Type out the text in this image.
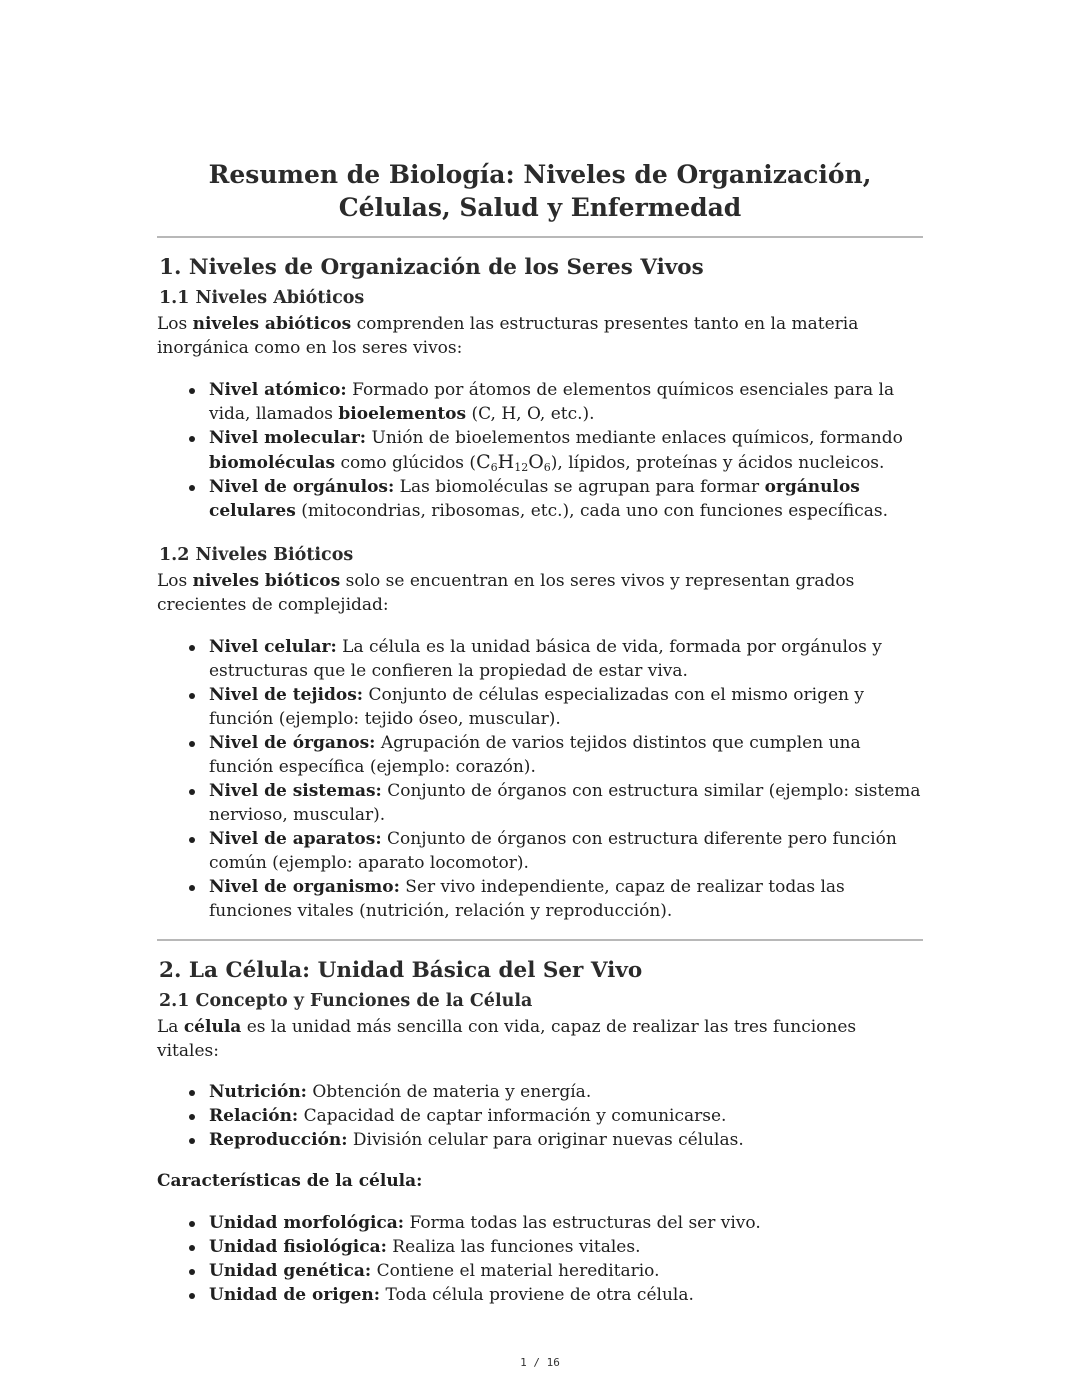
Resumen de Biología: Niveles de Organización, Células, Salud y Enfermedad
1. Niveles de Organización de los Seres Vivos
1.1 Niveles Abióticos

Los niveles abióticos comprenden las estructuras presentes tanto en la materia inorgánica como en los seres vivos:

Nivel atómico: Formado por átomos de elementos químicos esenciales para la vida, llamados bioelementos (C, H, O, etc.).
Nivel molecular: Unión de bioelementos mediante enlaces químicos, formando biomoléculas como glúcidos $(C_6H_{12}O_6)$, lípidos, proteínas y ácidos nucleicos.
Nivel de orgánulos: Las biomoléculas se agrupan para formar orgánulos celulares (mitocondrias, ribosomas, etc.), cada uno con funciones específicas.
1.2 Niveles Bióticos

Los niveles bióticos solo se encuentran en los seres vivos y representan grados crecientes de complejidad:

Nivel celular: La célula es la unidad básica de vida, formada por orgánulos y estructuras que le confieren la propiedad de estar viva.
Nivel de tejidos: Conjunto de células especializadas con el mismo origen y función (ejemplo: tejido óseo, muscular).
Nivel de órganos: Agrupación de varios tejidos distintos que cumplen una función específica (ejemplo: corazón).
Nivel de sistemas: Conjunto de órganos con estructura similar (ejemplo: sistema nervioso, muscular).
Nivel de aparatos: Conjunto de órganos con estructura diferente pero función común (ejemplo: aparato locomotor).
Nivel de organismo: Ser vivo independiente, capaz de realizar todas las funciones vitales (nutrición, relación y reproducción).
2. La Célula: Unidad Básica del Ser Vivo
2.1 Concepto y Funciones de la Célula

La célula es la unidad más sencilla con vida, capaz de realizar las tres funciones vitales:

Nutrición: Obtención de materia y energía.
Relación: Capacidad de captar información y comunicarse.
Reproducción: División celular para originar nuevas células.

Características de la célula:

Unidad morfológica: Forma todas las estructuras del ser vivo.
Unidad fisiológica: Realiza las funciones vitales.
Unidad genética: Contiene el material hereditario.
Unidad de origen: Toda célula proviene de otra célula.
1 / 16
